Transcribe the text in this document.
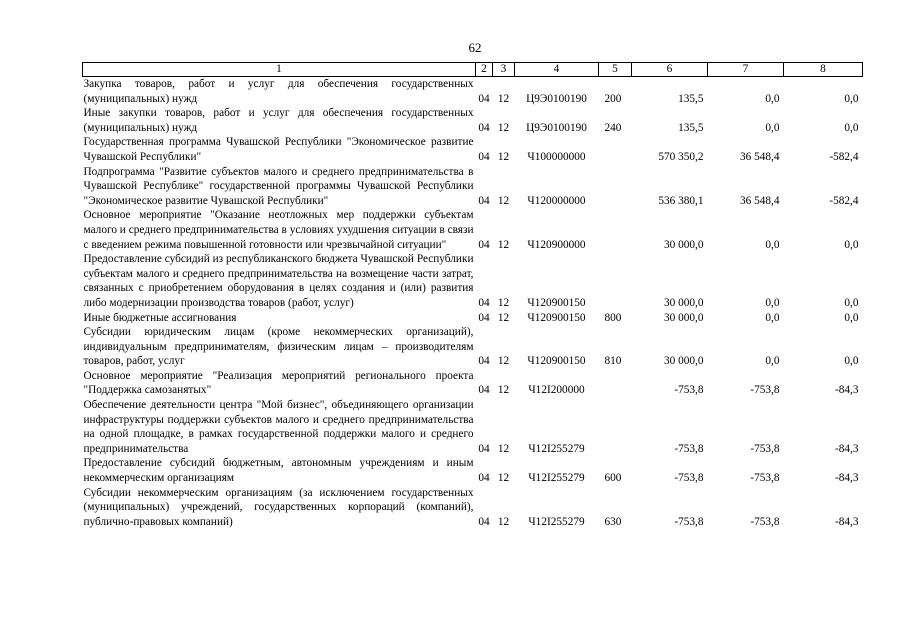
62
1	2	3	4	5	6	7	8
Закупка товаров, работ и услуг для обеспечения государственных (муниципальных) нужд	04	12	Ц9Э0100190	200	135,5	0,0	0,0
Иные закупки товаров, работ и услуг для обеспечения государственных (муниципальных) нужд	04	12	Ц9Э0100190	240	135,5	0,0	0,0
Государственная программа Чувашской Республики "Экономическое развитие Чувашской Республики"	04	12	Ч100000000		570 350,2	36 548,4	-582,4
Подпрограмма "Развитие субъектов малого и среднего предпринимательства в Чувашской Республике" государственной программы Чувашской Республики "Экономическое развитие Чувашской Республики"	04	12	Ч120000000		536 380,1	36 548,4	-582,4
Основное мероприятие "Оказание неотложных мер поддержки субъектам малого и среднего предпринимательства в условиях ухудшения ситуации в связи с введением режима повышенной готовности или чрезвычайной ситуации"	04	12	Ч120900000		30 000,0	0,0	0,0
Предоставление субсидий из республиканского бюджета Чувашской Республики субъектам малого и среднего предпринимательства на возмещение части затрат, связанных с приобретением оборудования в целях создания и (или) развития либо модернизации производства товаров (работ, услуг)	04	12	Ч120900150		30 000,0	0,0	0,0
Иные бюджетные ассигнования	04	12	Ч120900150	800	30 000,0	0,0	0,0
Субсидии юридическим лицам (кроме некоммерческих организаций), индивидуальным предпринимателям, физическим лицам – производителям товаров, работ, услуг	04	12	Ч120900150	810	30 000,0	0,0	0,0
Основное мероприятие "Реализация мероприятий регионального проекта "Поддержка самозанятых"	04	12	Ч12I200000		-753,8	-753,8	-84,3
Обеспечение деятельности центра "Мой бизнес", объединяющего организации инфраструктуры поддержки субъектов малого и среднего предпринимательства на одной площадке, в рамках государственной поддержки малого и среднего предпринимательства	04	12	Ч12I255279		-753,8	-753,8	-84,3
Предоставление субсидий бюджетным, автономным учреждениям и иным некоммерческим организациям	04	12	Ч12I255279	600	-753,8	-753,8	-84,3
Субсидии некоммерческим организациям (за исключением государственных (муниципальных) учреждений, государственных корпораций (компаний), публично-правовых компаний)	04	12	Ч12I255279	630	-753,8	-753,8	-84,3
